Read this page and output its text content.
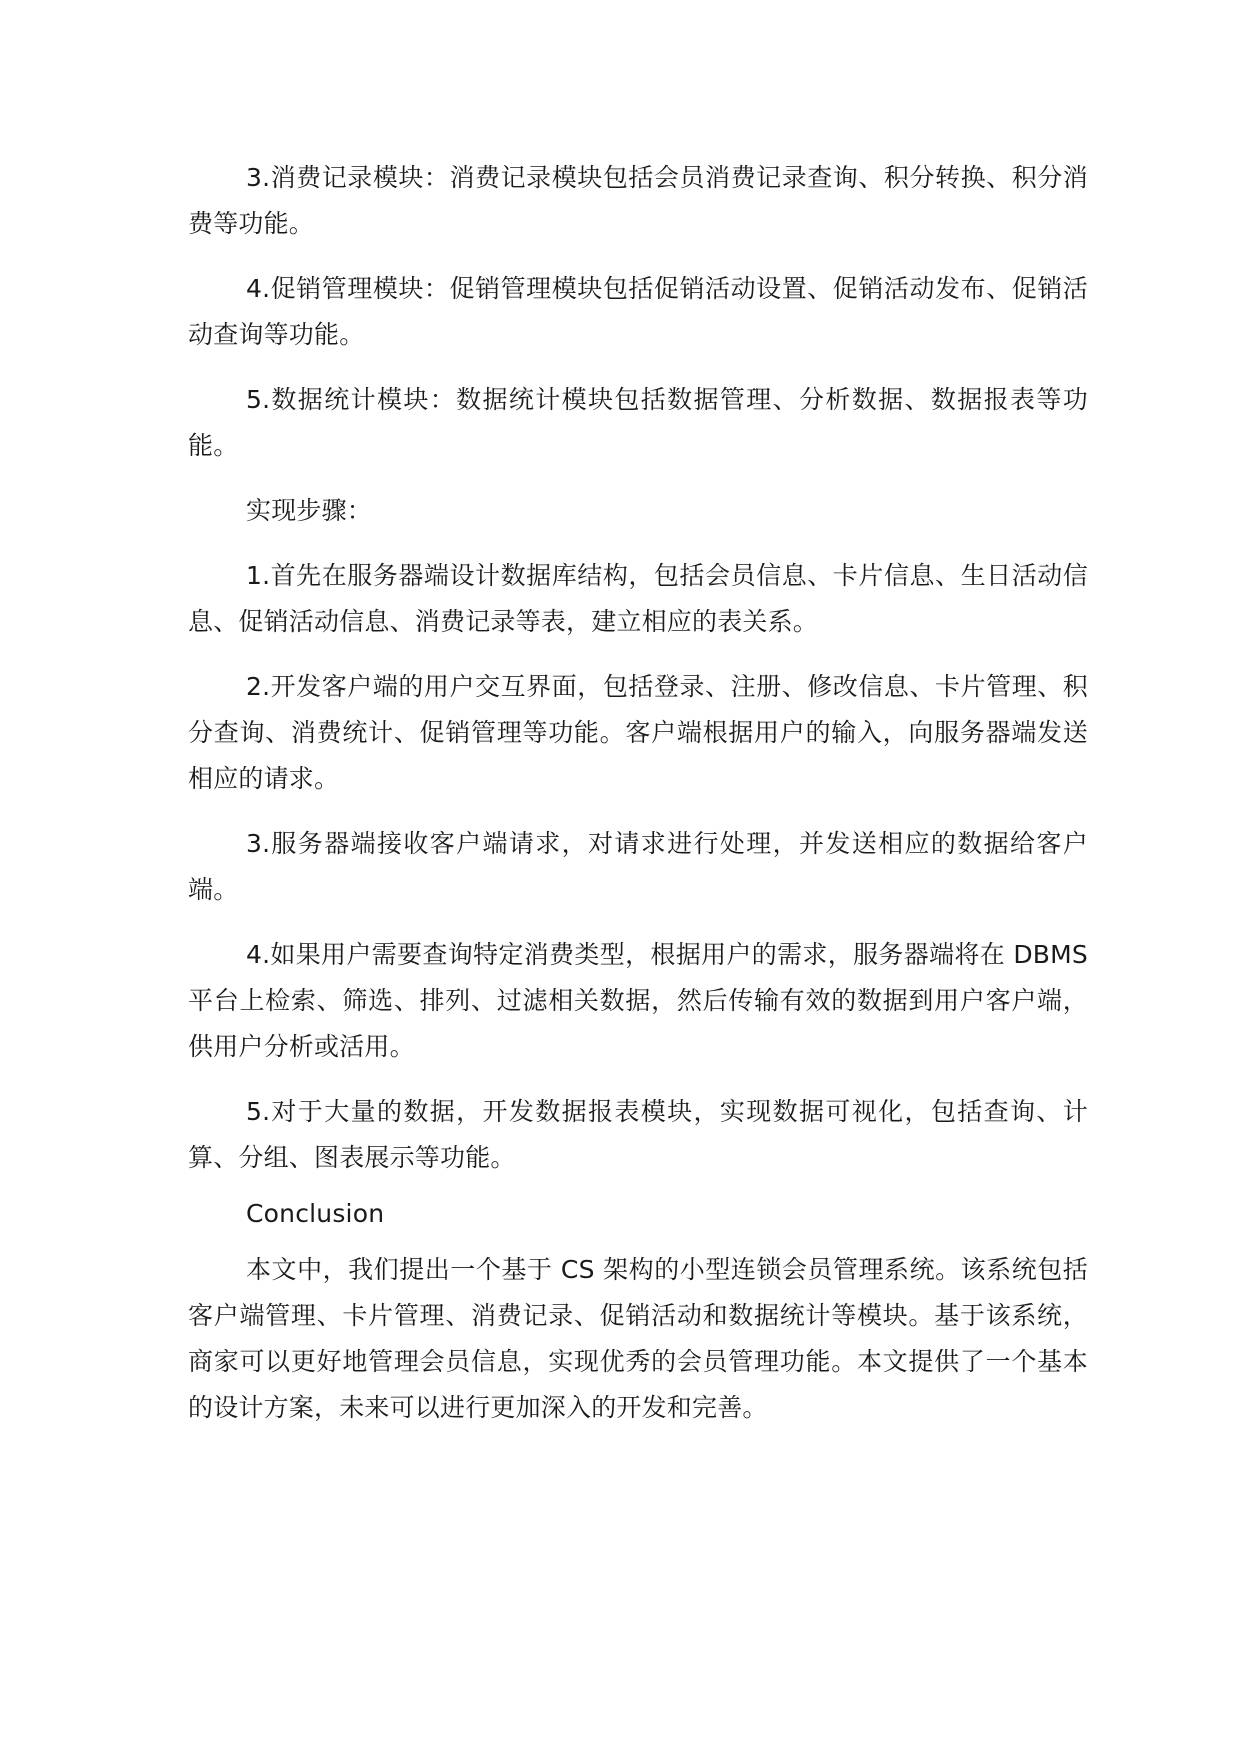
3.消费记录模块：消费记录模块包括会员消费记录查询、积分转换、积分消费等功能。

4.促销管理模块：促销管理模块包括促销活动设置、促销活动发布、促销活动查询等功能。

5.数据统计模块：数据统计模块包括数据管理、分析数据、数据报表等功能。

实现步骤：

1.首先在服务器端设计数据库结构，包括会员信息、卡片信息、生日活动信息、促销活动信息、消费记录等表，建立相应的表关系。

2.开发客户端的用户交互界面，包括登录、注册、修改信息、卡片管理、积分查询、消费统计、促销管理等功能。客户端根据用户的输入，向服务器端发送相应的请求。

3.服务器端接收客户端请求，对请求进行处理，并发送相应的数据给客户端。

4.如果用户需要查询特定消费类型，根据用户的需求，服务器端将在 DBMS 平台上检索、筛选、排列、过滤相关数据，然后传输有效的数据到用户客户端，供用户分析或活用。

5.对于大量的数据，开发数据报表模块，实现数据可视化，包括查询、计算、分组、图表展示等功能。

Conclusion

本文中，我们提出一个基于 CS 架构的小型连锁会员管理系统。该系统包括客户端管理、卡片管理、消费记录、促销活动和数据统计等模块。基于该系统，商家可以更好地管理会员信息，实现优秀的会员管理功能。本文提供了一个基本的设计方案，未来可以进行更加深入的开发和完善。
